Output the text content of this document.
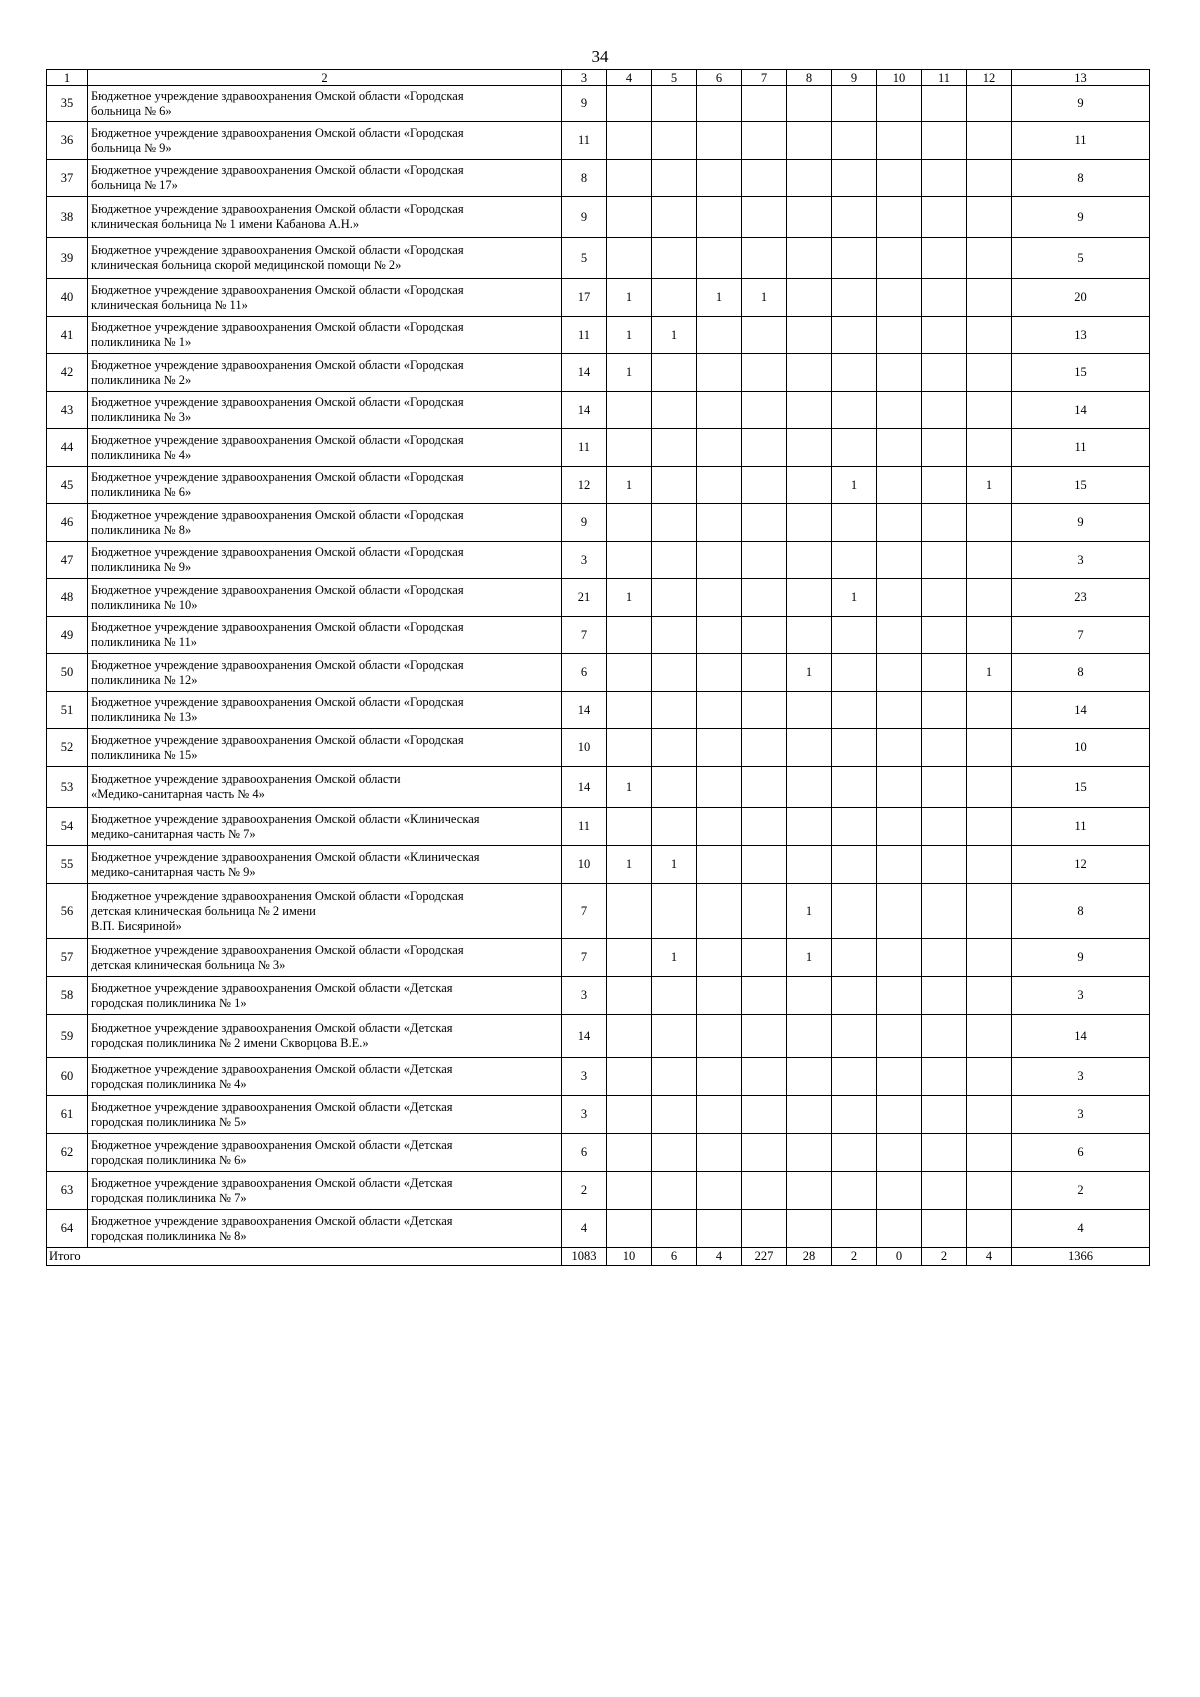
34
1	2	3	4	5	6	7	8	9	10	11	12	13
35	Бюджетное учреждение здравоохранения Омской области «Городская
больница № 6»	9										9
36	Бюджетное учреждение здравоохранения Омской области «Городская
больница № 9»	11										11
37	Бюджетное учреждение здравоохранения Омской области «Городская
больница № 17»	8										8
38	Бюджетное учреждение здравоохранения Омской области «Городская
клиническая больница № 1 имени Кабанова А.Н.»	9										9
39	Бюджетное учреждение здравоохранения Омской области «Городская
клиническая больница скорой медицинской помощи № 2»	5										5
40	Бюджетное учреждение здравоохранения Омской области «Городская
клиническая больница № 11»	17	1		1	1						20
41	Бюджетное учреждение здравоохранения Омской области «Городская
поликлиника № 1»	11	1	1								13
42	Бюджетное учреждение здравоохранения Омской области «Городская
поликлиника № 2»	14	1									15
43	Бюджетное учреждение здравоохранения Омской области «Городская
поликлиника № 3»	14										14
44	Бюджетное учреждение здравоохранения Омской области «Городская
поликлиника № 4»	11										11
45	Бюджетное учреждение здравоохранения Омской области «Городская
поликлиника № 6»	12	1					1			1	15
46	Бюджетное учреждение здравоохранения Омской области «Городская
поликлиника № 8»	9										9
47	Бюджетное учреждение здравоохранения Омской области «Городская
поликлиника № 9»	3										3
48	Бюджетное учреждение здравоохранения Омской области «Городская
поликлиника № 10»	21	1					1				23
49	Бюджетное учреждение здравоохранения Омской области «Городская
поликлиника № 11»	7										7
50	Бюджетное учреждение здравоохранения Омской области «Городская
поликлиника № 12»	6					1				1	8
51	Бюджетное учреждение здравоохранения Омской области «Городская
поликлиника № 13»	14										14
52	Бюджетное учреждение здравоохранения Омской области «Городская
поликлиника № 15»	10										10
53	Бюджетное учреждение здравоохранения Омской области
«Медико-санитарная часть № 4»	14	1									15
54	Бюджетное учреждение здравоохранения Омской области «Клиническая
медико-санитарная часть № 7»	11										11
55	Бюджетное учреждение здравоохранения Омской области «Клиническая
медико-санитарная часть № 9»	10	1	1								12
56	Бюджетное учреждение здравоохранения Омской области «Городская
детская клиническая больница № 2 имени
В.П. Бисяриной»	7					1					8
57	Бюджетное учреждение здравоохранения Омской области «Городская
детская клиническая больница № 3»	7		1			1					9
58	Бюджетное учреждение здравоохранения Омской области «Детская
городская поликлиника № 1»	3										3
59	Бюджетное учреждение здравоохранения Омской области «Детская
городская поликлиника № 2 имени Скворцова В.Е.»	14										14
60	Бюджетное учреждение здравоохранения Омской области «Детская
городская поликлиника № 4»	3										3
61	Бюджетное учреждение здравоохранения Омской области «Детская
городская поликлиника № 5»	3										3
62	Бюджетное учреждение здравоохранения Омской области «Детская
городская поликлиника № 6»	6										6
63	Бюджетное учреждение здравоохранения Омской области «Детская
городская поликлиника № 7»	2										2
64	Бюджетное учреждение здравоохранения Омской области «Детская
городская поликлиника № 8»	4										4
Итого		1083	10	6	4	227	28	2	0	2	4	1366
